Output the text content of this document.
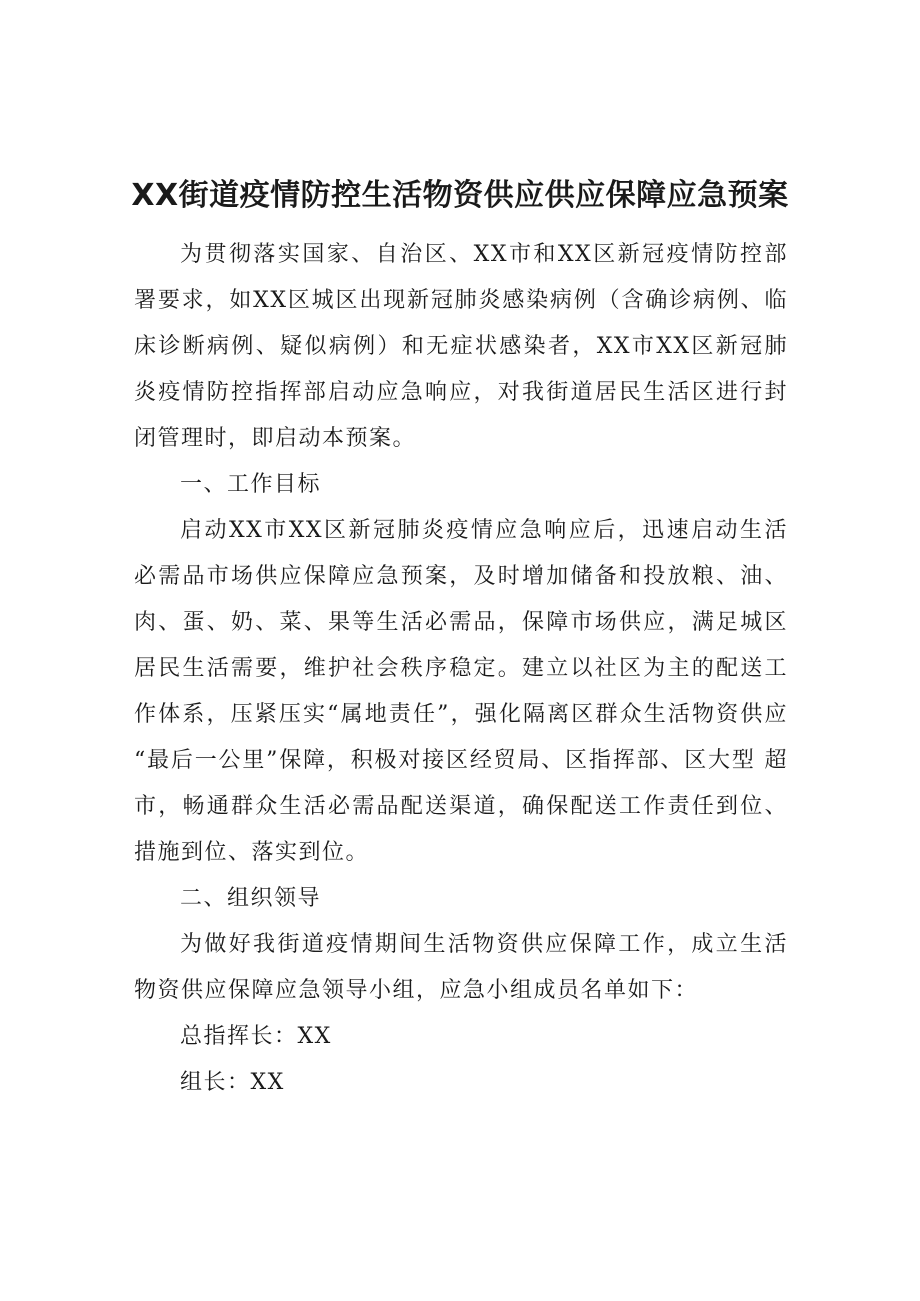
XX街道疫情防控生活物资供应供应保障应急预案

为贯彻落实国家、自治区、XX市和XX区新冠疫情防控部 署要求，如XX区城区出现新冠肺炎感染病例（含确诊病例、临 床诊断病例、疑似病例）和无症状感染者，XX市XX区新冠肺 炎疫情防控指挥部启动应急响应，对我街道居民生活区进行封 闭管理时，即启动本预案。

一、工作目标

启动XX市XX区新冠肺炎疫情应急响应后，迅速启动生活 必需品市场供应保障应急预案，及时增加储备和投放粮、油、 肉、蛋、奶、菜、果等生活必需品，保障市场供应，满足城区 居民生活需要，维护社会秩序稳定。建立以社区为主的配送工 作体系，压紧压实“属地责任”，强化隔离区群众生活物资供应 “最后一公里”保障，积极对接区经贸局、区指挥部、区大型 超市，畅通群众生活必需品配送渠道，确保配送工作责任到位、 措施到位、落实到位。

二、组织领导

为做好我街道疫情期间生活物资供应保障工作，成立生活 物资供应保障应急领导小组，应急小组成员名单如下：

总指挥长：XX

组长：XX
